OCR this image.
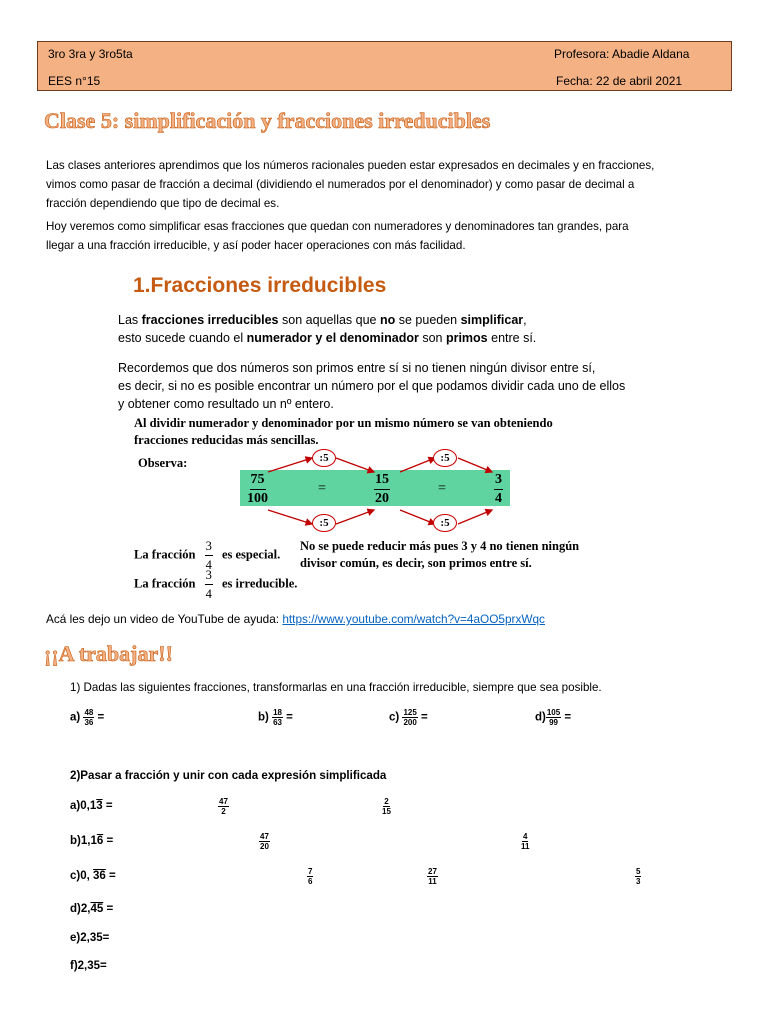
3ro 3ra y 3ro5ta	Profesora: Abadie Aldana
EES n°15	Fecha: 22 de abril 2021
Clase 5: simplificación y fracciones irreducibles
Las clases anteriores aprendimos que los números racionales pueden estar expresados en decimales y en fracciones,
vimos como pasar de fracción a decimal (dividiendo el numerados por el denominador) y como pasar de decimal a
fracción dependiendo que tipo de decimal es.
Hoy veremos como simplificar esas fracciones que quedan con numeradores y denominadores tan grandes, para
llegar a una fracción irreducible, y así poder hacer operaciones con más facilidad.
1.Fracciones irreducibles
Las fracciones irreducibles son aquellas que no se pueden simplificar,
esto sucede cuando el numerador y el denominador son primos entre sí.
Recordemos que dos números son primos entre sí si no tienen ningún divisor entre sí,
es decir, si no es posible encontrar un número por el que podamos dividir cada uno de ellos
y obtener como resultado un nº entero.
Al dividir numerador y denominador por un mismo número se van obteniendo
fracciones reducidas más sencillas.
Observa:	:5	:5
:5	:5
$\frac{75}{100}$	=	$\frac{15}{20}$	=	$\frac{3}{4}$
La fracción $\frac{3}{4}$ es especial.
No se puede reducir más pues 3 y 4 no tienen ningún
divisor común, es decir, son primos entre sí.
La fracción $\frac{3}{4}$ es irreducible.
Acá les dejo un video de YouTube de ayuda: https://www.youtube.com/watch?v=4aOO5prxWqc
¡¡A trabajar!!
1) Dadas las siguientes fracciones, transformarlas en una fracción irreducible, siempre que sea posible.
$a) \frac{48}{36}$ =	$b) \frac{18}{63}$ =	$c) \frac{125}{200}$ =	$d) \frac{105}{99}$ =
2)Pasar a fracción y unir con cada expresión simplificada
a)0,13 =
b)1,16 =
c)0, 36 =
d)2,45 =
e)2,35=
f)2,35=
$\frac{47}{2}$	$\frac{2}{15}$
$\frac{47}{20}$	$\frac{4}{11}$
$\frac{7}{6}$	$\frac{27}{11}$	$\frac{5}{3}$
